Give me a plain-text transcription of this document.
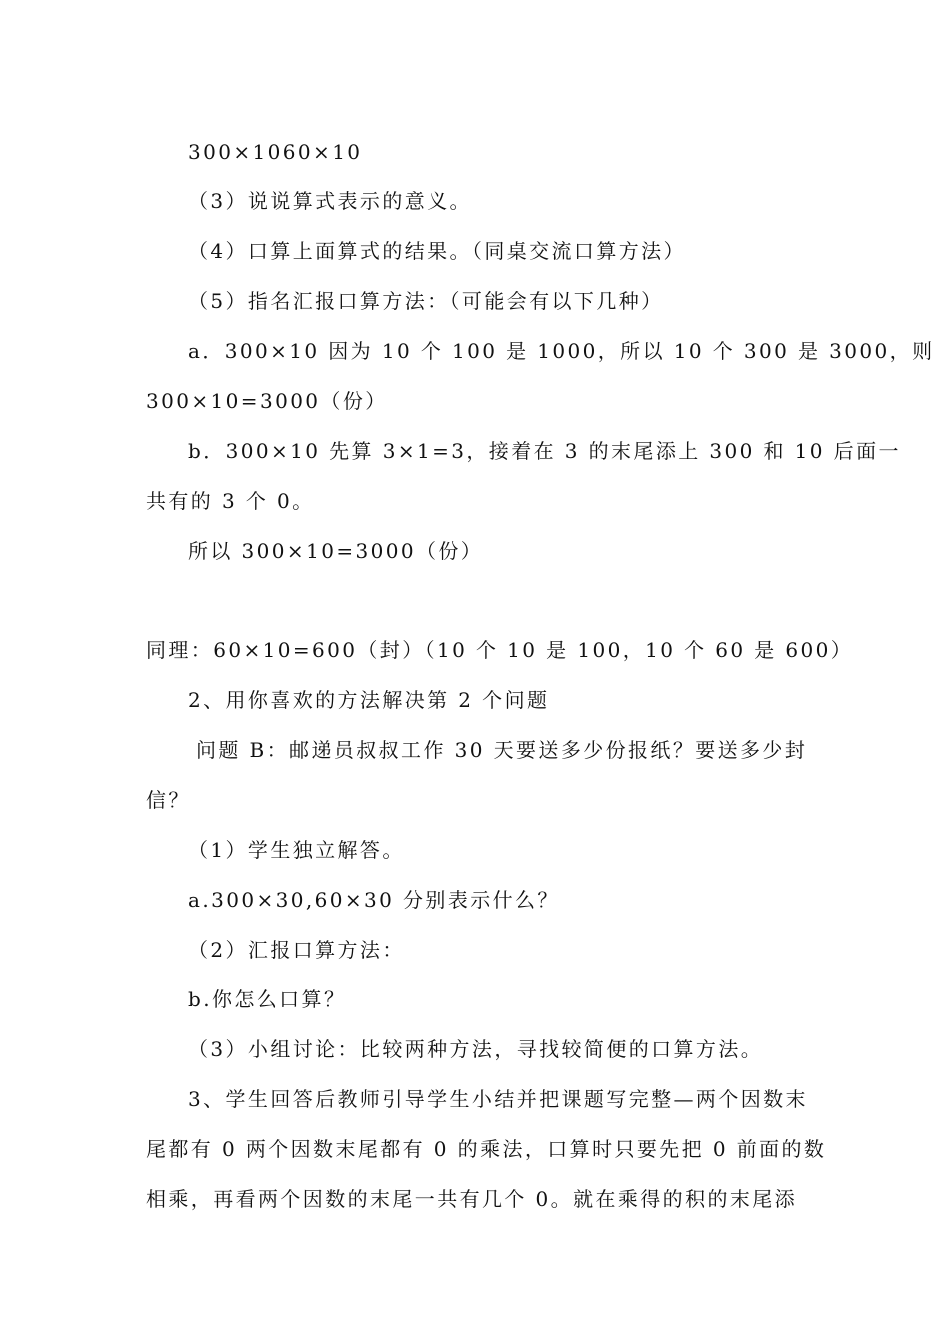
300×1060×10
（3）说说算式表示的意义。
（4）口算上面算式的结果。（同桌交流口算方法）
（5）指名汇报口算方法：（可能会有以下几种）
a．300×10 因为 10 个 100 是 1000，所以 10 个 300 是 3000，则
300×10=3000（份）
b．300×10 先算 3×1=3，接着在 3 的末尾添上 300 和 10 后面一
共有的 3 个 0。
所以 300×10=3000（份）
同理：60×10=600（封）（10 个 10 是 100，10 个 60 是 600）
2、用你喜欢的方法解决第 2 个问题
问题 B：邮递员叔叔工作 30 天要送多少份报纸？要送多少封
信？
（1）学生独立解答。
a.300×30,60×30 分别表示什么？
（2）汇报口算方法：
b.你怎么口算？
（3）小组讨论：比较两种方法，寻找较简便的口算方法。
3、学生回答后教师引导学生小结并把课题写完整—两个因数末
尾都有 0 两个因数末尾都有 0 的乘法，口算时只要先把 0 前面的数
相乘，再看两个因数的末尾一共有几个 0。就在乘得的积的末尾添
